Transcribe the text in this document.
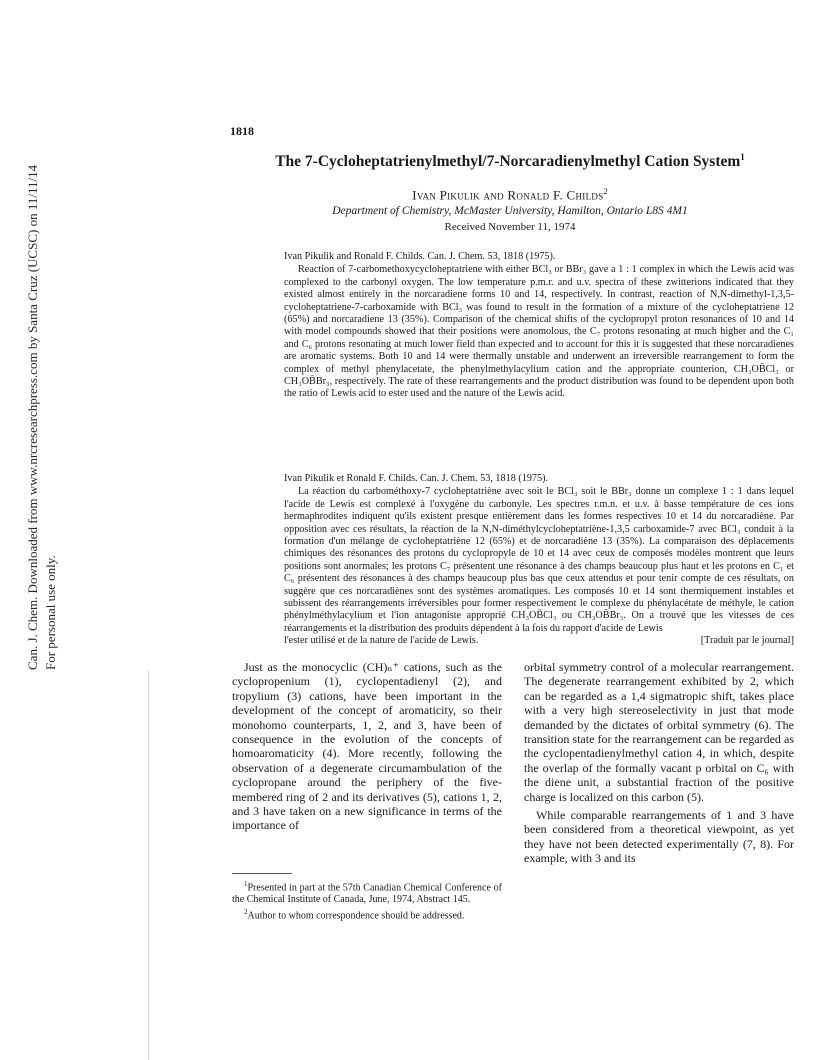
Can. J. Chem. Downloaded from www.nrcresearchpress.com by Santa Cruz (UCSC) on 11/11/14 For personal use only.
1818
The 7-Cycloheptatrienylmethyl/7-Norcaradienylmethyl Cation System$^1$
Ivan Pikulik and Ronald F. Childs$^2$
Department of Chemistry, McMaster University, Hamilton, Ontario L8S 4M1
Received November 11, 1974
Ivan Pikulik and Ronald F. Childs. Can. J. Chem. 53, 1818 (1975).
Reaction of 7-carbomethoxycycloheptatriene with either BCl₃ or BBr₃ gave a 1 : 1 complex in which the Lewis acid was complexed to the carbonyl oxygen. The low temperature p.m.r. and u.v. spectra of these zwitterions indicated that they existed almost entirely in the norcaradiene forms 10 and 14, respectively. In contrast, reaction of N,N-dimethyl-1,3,5-cycloheptatriene-7-carboxamide with BCl₃ was found to result in the formation of a mixture of the cycloheptatriene 12 (65%) and norcaradiene 13 (35%). Comparison of the chemical shifts of the cyclopropyl proton resonances of 10 and 14 with model compounds showed that their positions were anomolous, the C₇ protons resonating at much higher and the C₁ and C₆ protons resonating at much lower field than expected and to account for this it is suggested that these norcaradienes are aromatic systems. Both 10 and 14 were thermally unstable and underwent an irreversible rearrangement to form the complex of methyl phenylacetate, the phenylmethylacylium cation and the appropriate counterion, CH₃OB̄Cl₃ or CH₃OB̄Br₃, respectively. The rate of these rearrangements and the product distribution was found to be dependent upon both the ratio of Lewis acid to ester used and the nature of the Lewis acid.
Ivan Pikulik et Ronald F. Childs. Can. J. Chem. 53, 1818 (1975).
La réaction du carbométhoxy-7 cycloheptatriène avec soit le BCl₃ soit le BBr₃ donne un complexe 1 : 1 dans lequel l'acide de Lewis est complexé à l'oxygène du carbonyle. Les spectres r.m.n. et u.v. à basse température de ces ions hermaphrodites indiquent qu'ils existent presque entièrement dans les formes respectives 10 et 14 du norcaradiène. Par opposition avec ces résultats, la réaction de la N,N-diméthylcycloheptatriène-1,3,5 carboxamide-7 avec BCl₃ conduit à la formation d'un mélange de cycloheptatriène 12 (65%) et de norcaradiène 13 (35%). La comparaison des déplacements chimiques des résonances des protons du cyclopropyle de 10 et 14 avec ceux de composés modèles montrent que leurs positions sont anormales; les protons C₇ présentent une résonance à des champs beaucoup plus haut et les protons en C₁ et C₆ présentent des résonances à des champs beaucoup plus bas que ceux attendus et pour tenir compte de ces résultats, on suggère que ces norcaradiènes sont des systèmes aromatiques. Les composés 10 et 14 sont thermiquement instables et subissent des réarrangements irréversibles pour former respectivement le complexe du phénylacétate de méthyle, le cation phénylméthylacylium et l'ion antagoniste approprié CH₃OB̄Cl₃ ou CH₃OB̄Br₃. On a trouvé que les vitesses de ces réarrangements et la distribution des produits dépendent à la fois du rapport d'acide de Lewis
l'ester utilisé et de la nature de l'acide de Lewis.	[Traduit par le journal]

Just as the monocyclic (CH)ₙ⁺ cations, such as the cyclopropenium (1), cyclopentadienyl (2), and tropylium (3) cations, have been important in the development of the concept of aromaticity, so their monohomo counterparts, 1, 2, and 3, have been of consequence in the evolution of the concepts of homoaromaticity (4). More recently, following the observation of a degenerate circumambulation of the cyclopropane around the periphery of the five-membered ring of 2 and its derivatives (5), cations 1, 2, and 3 have taken on a new significance in terms of the importance of

orbital symmetry control of a molecular rearrangement. The degenerate rearrangement exhibited by 2, which can be regarded as a 1,4 sigmatropic shift, takes place with a very high stereoselectivity in just that mode demanded by the dictates of orbital symmetry (6). The transition state for the rearrangement can be regarded as the cyclopentadienylmethyl cation 4, in which, despite the overlap of the formally vacant p orbital on C₆ with the diene unit, a substantial fraction of the positive charge is localized on this carbon (5).

While comparable rearrangements of 1 and 3 have been considered from a theoretical viewpoint, as yet they have not been detected experimentally (7, 8). For example, with 3 and its

$^1$Presented in part at the 57th Canadian Chemical Conference of the Chemical Institute of Canada, June, 1974, Abstract 145.

$^2$Author to whom correspondence should be addressed.
